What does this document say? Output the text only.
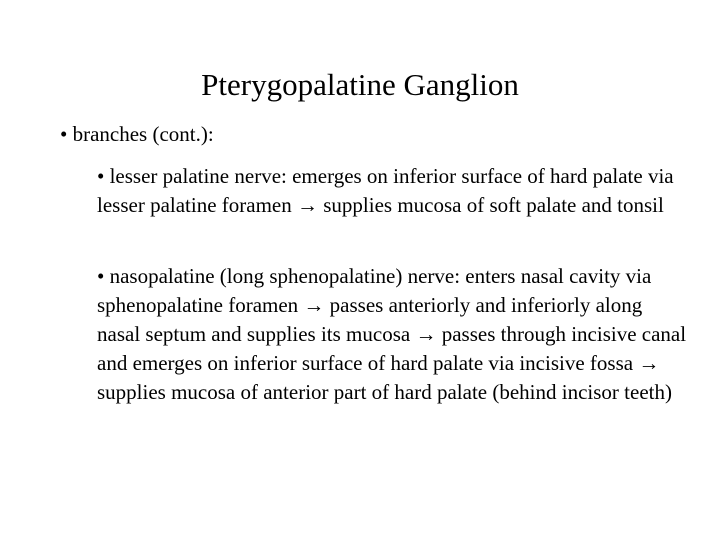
Pterygopalatine Ganglion
• branches (cont.):
• lesser palatine nerve: emerges on inferior surface of hard palate via lesser palatine foramen → supplies mucosa of soft palate and tonsil
• nasopalatine (long sphenopalatine) nerve: enters nasal cavity via sphenopalatine foramen → passes anteriorly and inferiorly along nasal septum and supplies its mucosa → passes through incisive canal and emerges on inferior surface of hard palate via incisive fossa → supplies mucosa of anterior part of hard palate (behind incisor teeth)
